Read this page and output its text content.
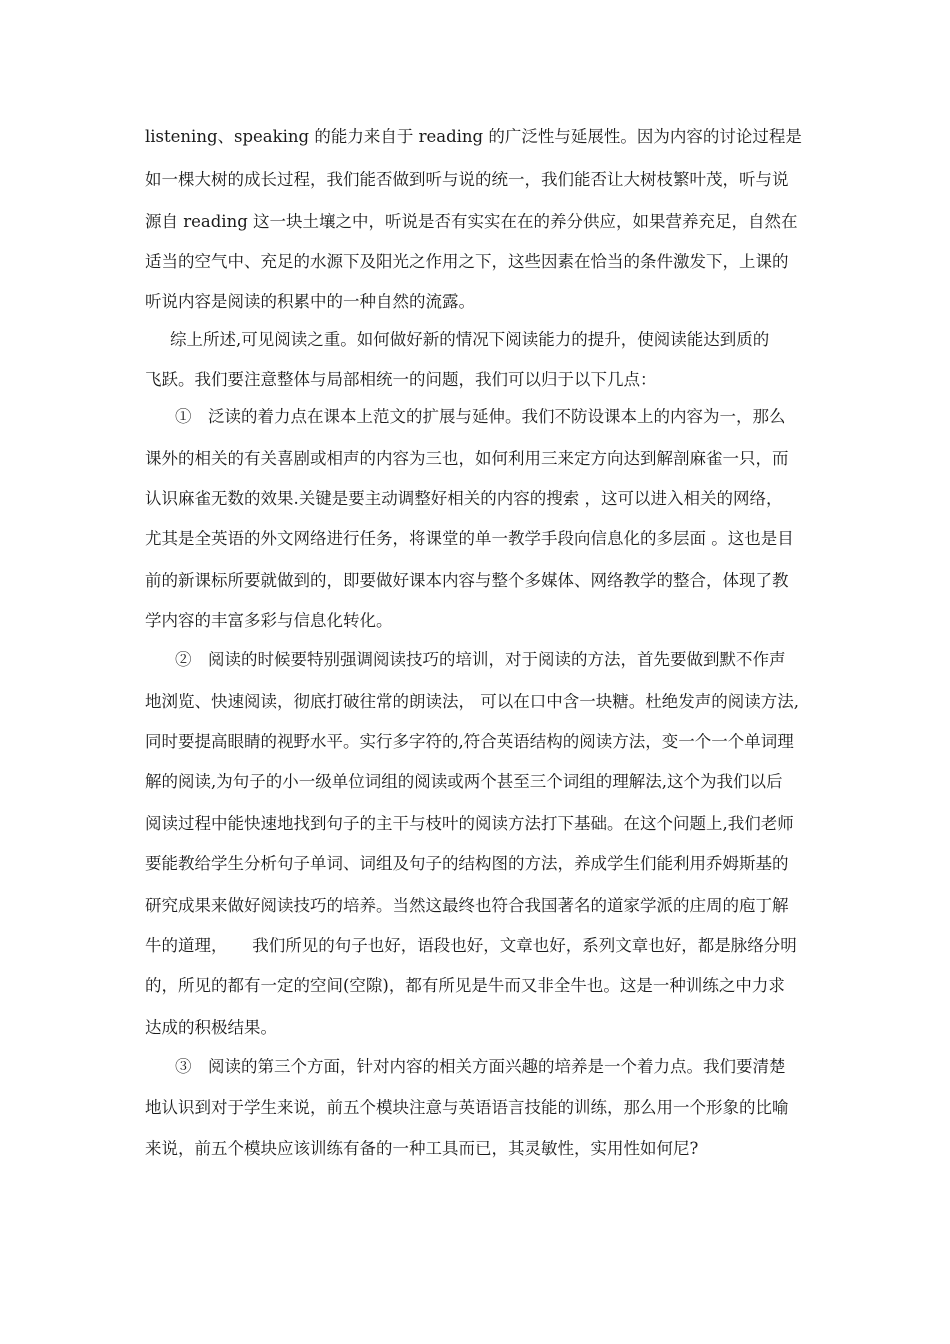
listening、speaking 的能力来自于 reading 的广泛性与延展性。因为内容的讨论过程是

如一棵大树的成长过程，我们能否做到听与说的统一，我们能否让大树枝繁叶茂，听与说

源自 reading 这一块土壤之中，听说是否有实实在在的养分供应，如果营养充足，自然在

适当的空气中、充足的水源下及阳光之作用之下，这些因素在恰当的条件激发下，上课的

听说内容是阅读的积累中的一种自然的流露。

综上所述,可见阅读之重。如何做好新的情况下阅读能力的提升，使阅读能达到质的

飞跃。我们要注意整体与局部相统一的问题，我们可以归于以下几点：

①　泛读的着力点在课本上范文的扩展与延伸。我们不防设课本上的内容为一，那么

课外的相关的有关喜剧或相声的内容为三也，如何利用三来定方向达到解剖麻雀一只，而

认识麻雀无数的效果.关键是要主动调整好相关的内容的搜索 ，这可以进入相关的网络，

尤其是全英语的外文网络进行任务，将课堂的单一教学手段向信息化的多层面 。这也是目

前的新课标所要就做到的，即要做好课本内容与整个多媒体、网络教学的整合，体现了教

学内容的丰富多彩与信息化转化。

②　阅读的时候要特别强调阅读技巧的培训，对于阅读的方法，首先要做到默不作声

地浏览、快速阅读，彻底打破往常的朗读法， 可以在口中含一块糖。杜绝发声的阅读方法,

同时要提高眼睛的视野水平。实行多字符的,符合英语结构的阅读方法，变一个一个单词理

解的阅读,为句子的小一级单位词组的阅读或两个甚至三个词组的理解法,这个为我们以后

阅读过程中能快速地找到句子的主干与枝叶的阅读方法打下基础。在这个问题上,我们老师

要能教给学生分析句子单词、词组及句子的结构图的方法，养成学生们能利用乔姆斯基的

研究成果来做好阅读技巧的培养。当然这最终也符合我国著名的道家学派的庄周的庖丁解

牛的道理，　　我们所见的句子也好，语段也好，文章也好，系列文章也好，都是脉络分明

的，所见的都有一定的空间(空隙)，都有所见是牛而又非全牛也。这是一种训练之中力求

达成的积极结果。

③　阅读的第三个方面，针对内容的相关方面兴趣的培养是一个着力点。我们要清楚

地认识到对于学生来说，前五个模块注意与英语语言技能的训练，那么用一个形象的比喻

来说，前五个模块应该训练有备的一种工具而已，其灵敏性，实用性如何尼?
